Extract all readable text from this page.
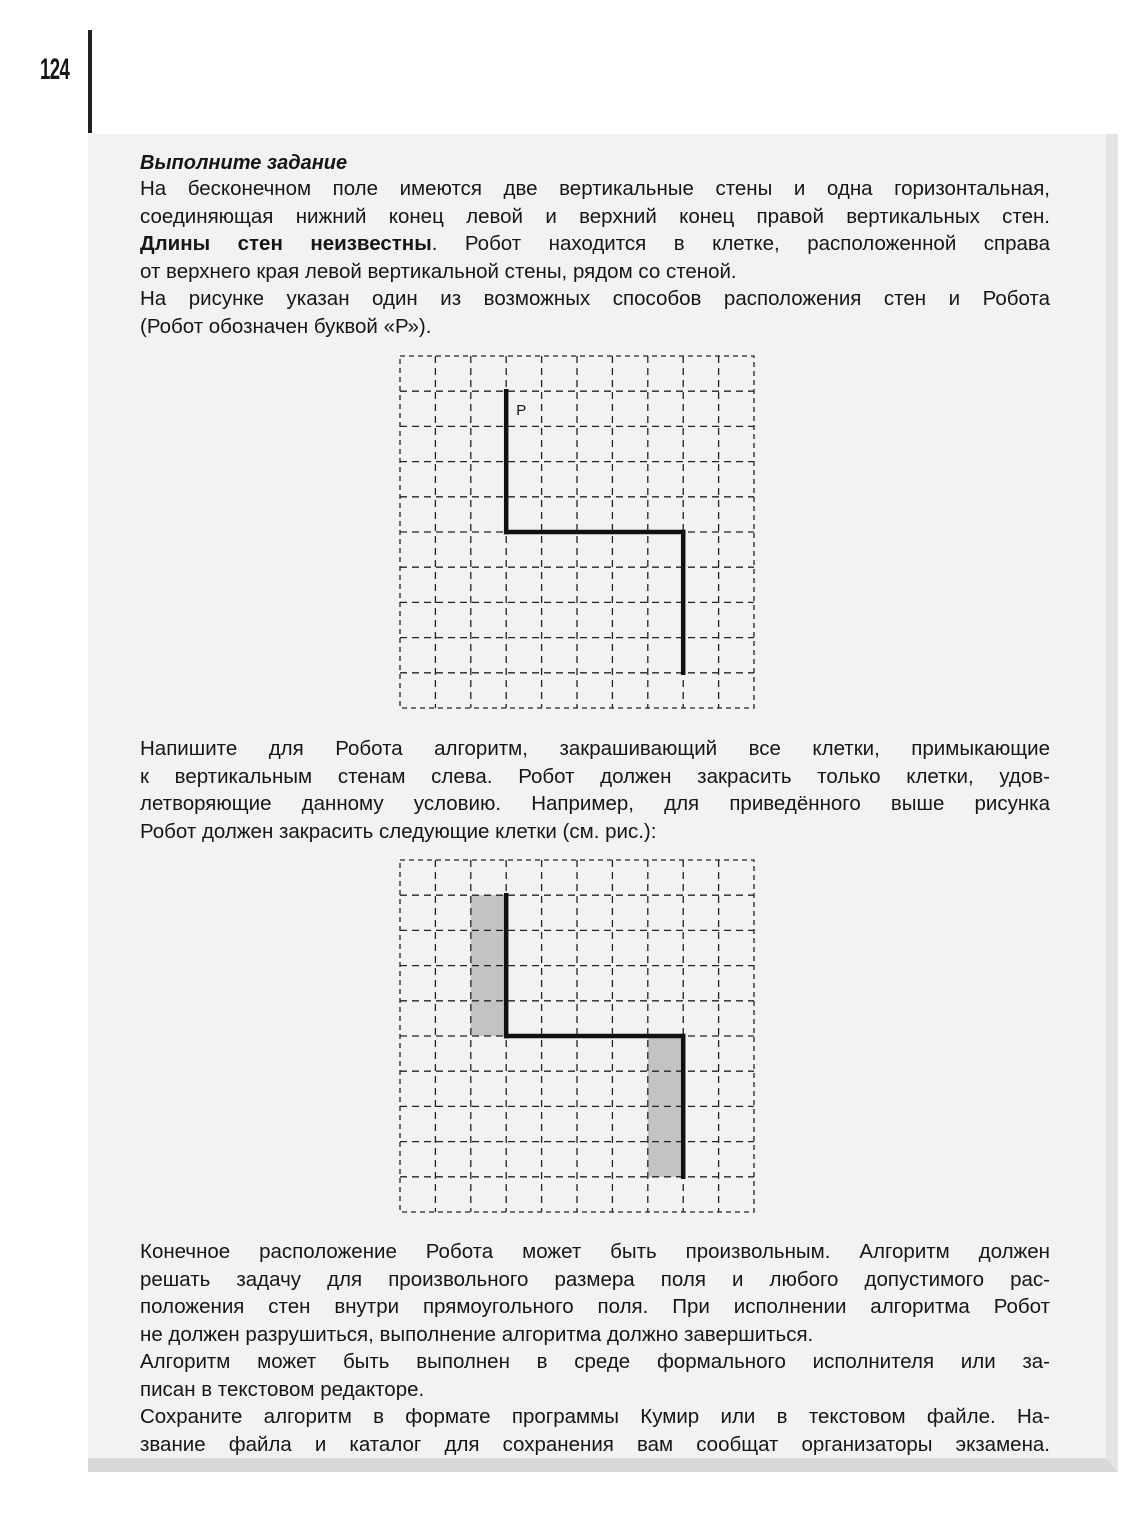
124
Выполните задание
На бесконечном поле имеются две вертикальные стены и одна горизонтальная,
соединяющая нижний конец левой и верхний конец правой вертикальных стен.
Длины стен неизвестны. Робот находится в клетке, расположенной справа
от верхнего края левой вертикальной стены, рядом со стеной.
На рисунке указан один из возможных способов расположения стен и Робота
(Робот обозначен буквой «Р»).
Р
Напишите для Робота алгоритм, закрашивающий все клетки, примыкающие
к вертикальным стенам слева. Робот должен закрасить только клетки, удов-
летворяющие данному условию. Например, для приведённого выше рисунка
Робот должен закрасить следующие клетки (см. рис.):
Конечное расположение Робота может быть произвольным. Алгоритм должен
решать задачу для произвольного размера поля и любого допустимого рас-
положения стен внутри прямоугольного поля. При исполнении алгоритма Робот
не должен разрушиться, выполнение алгоритма должно завершиться.
Алгоритм может быть выполнен в среде формального исполнителя или за-
писан в текстовом редакторе.
Сохраните алгоритм в формате программы Кумир или в текстовом файле. На-
звание файла и каталог для сохранения вам сообщат организаторы экзамена.
